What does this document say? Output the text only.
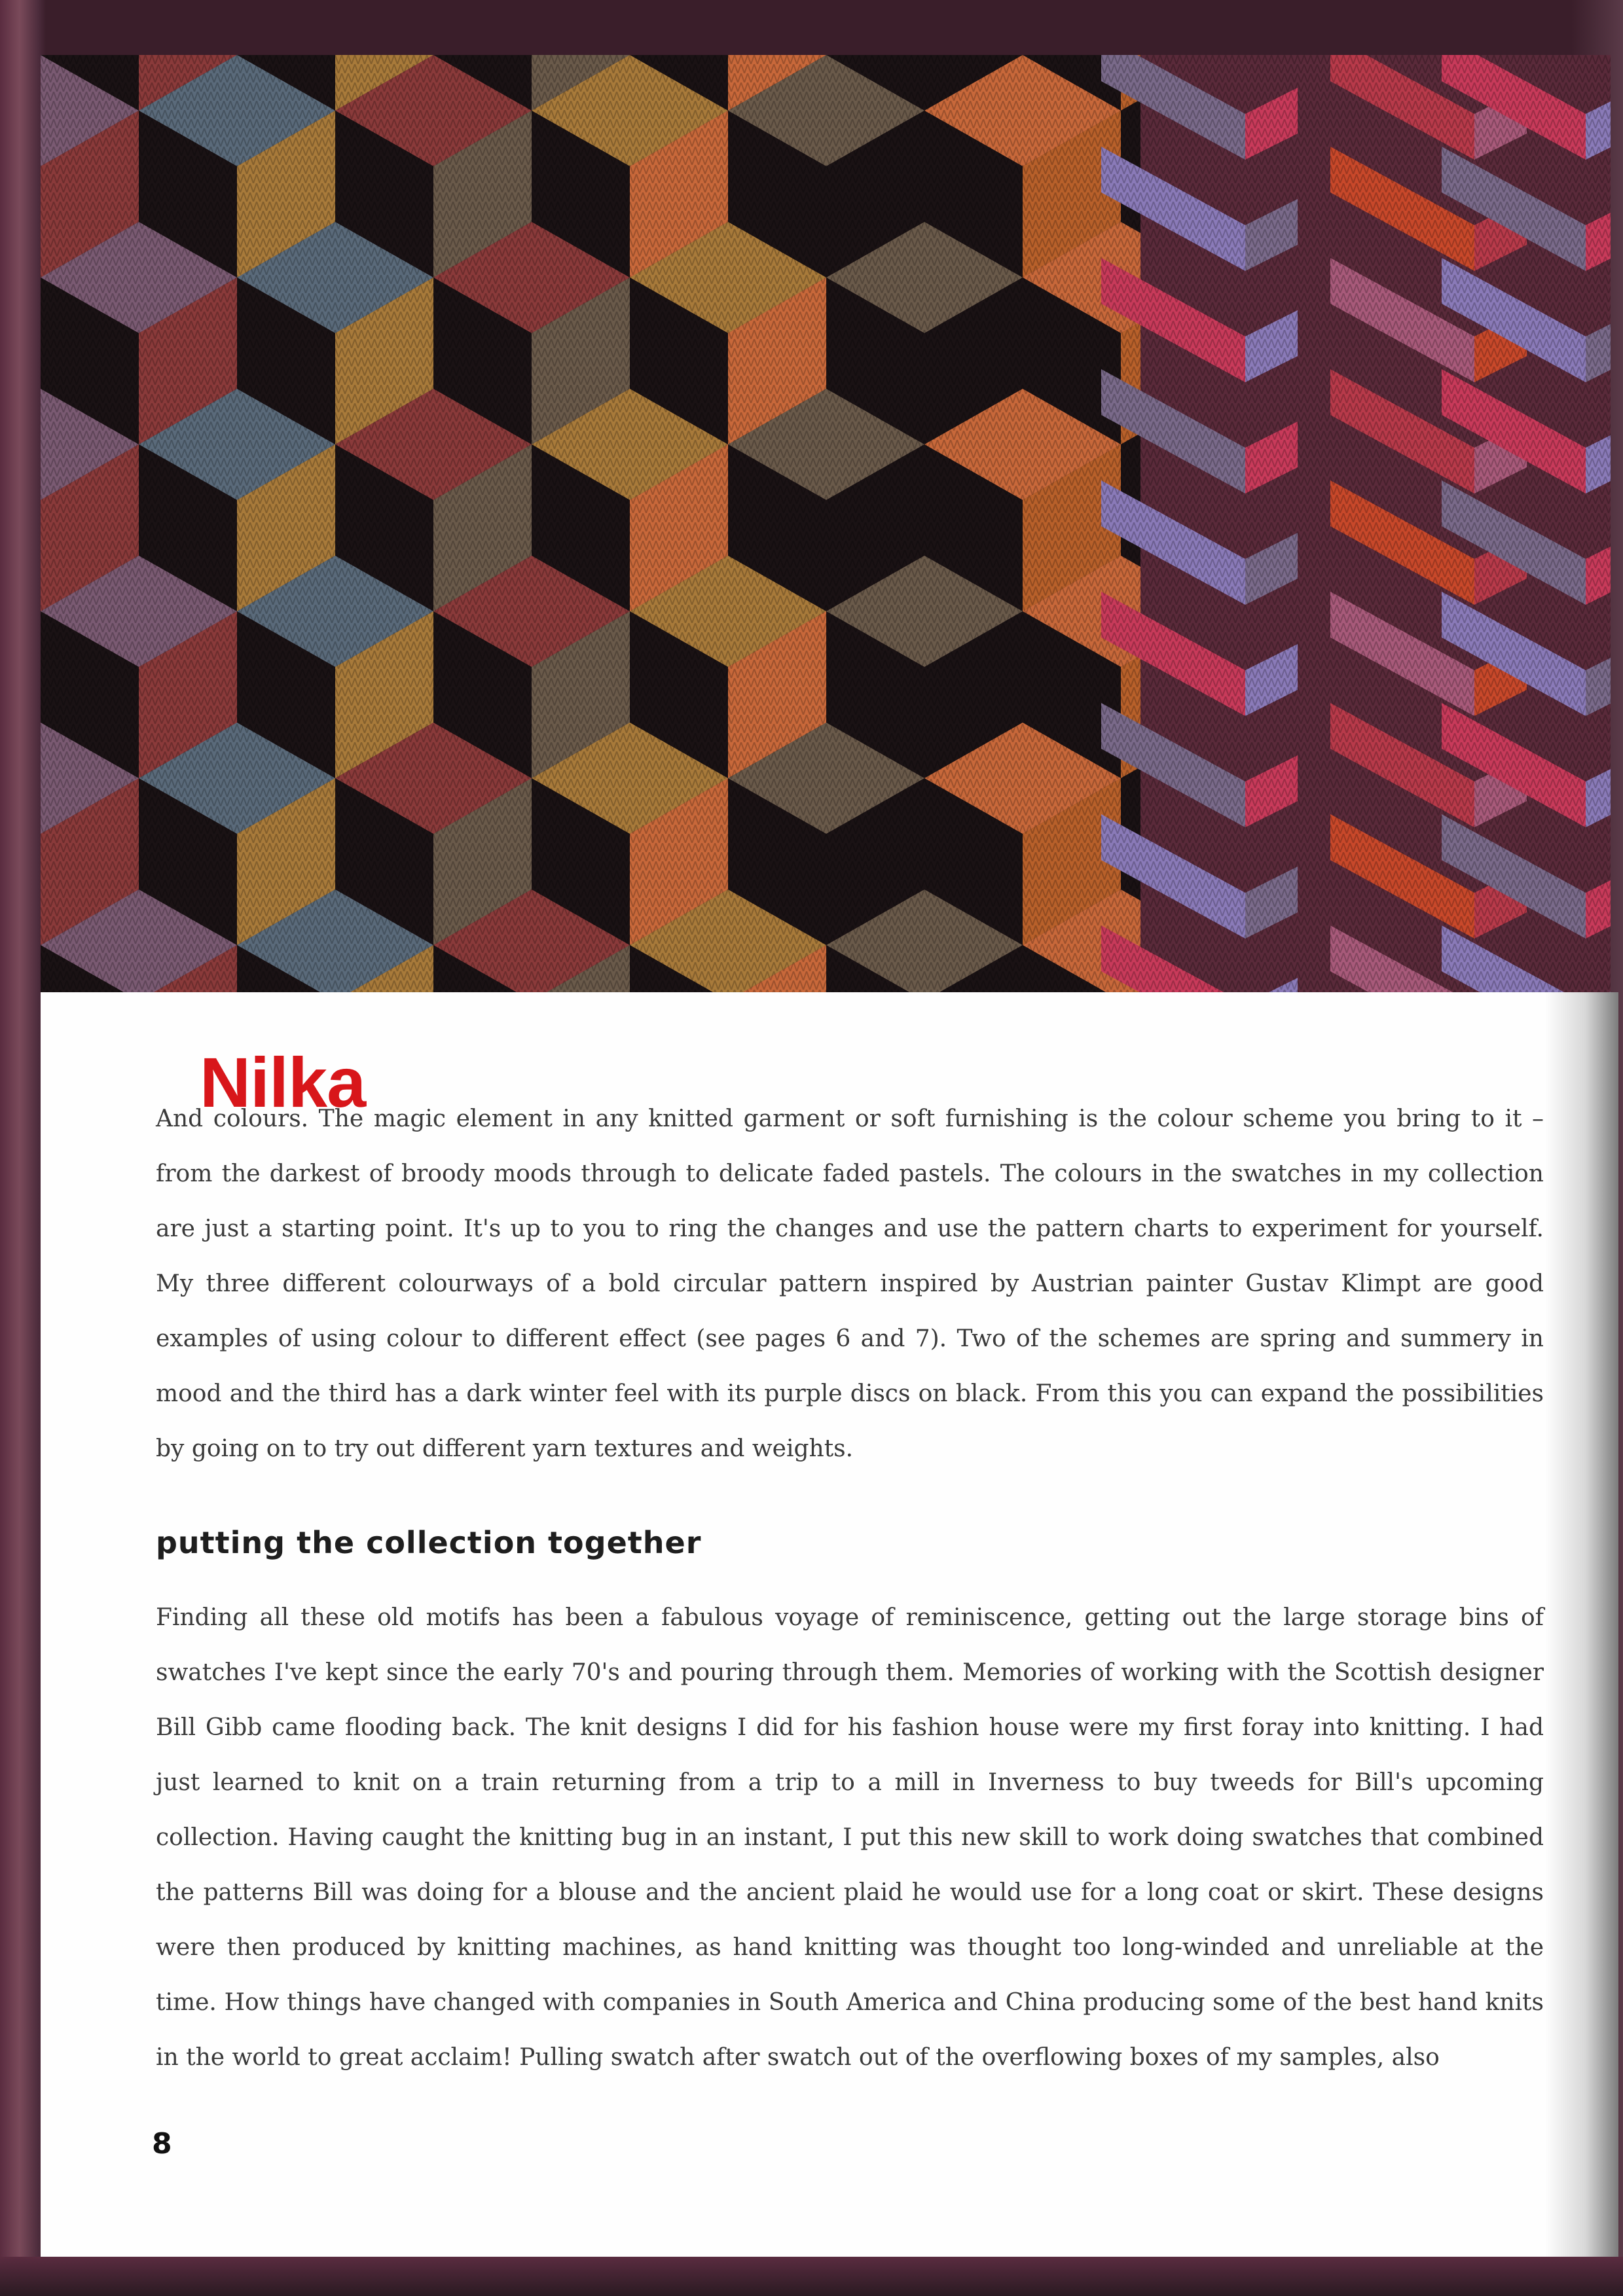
Nilka

And colours. The magic element in any knitted garment or soft furnishing is the colour scheme you bring to it – from the darkest of broody moods through to delicate faded pastels. The colours in the swatches in my collection are just a starting point. It's up to you to ring the changes and use the pattern charts to experiment for yourself. My three different colourways of a bold circular pattern inspired by Austrian painter Gustav Klimpt are good examples of using colour to different effect (see pages 6 and 7). Two of the schemes are spring and summery in mood and the third has a dark winter feel with its purple discs on black. From this you can expand the possibilities by going on to try out different yarn textures and weights.

putting the collection together

Finding all these old motifs has been a fabulous voyage of reminiscence, getting out the large storage bins of swatches I've kept since the early 70's and pouring through them. Memories of working with the Scottish designer Bill Gibb came flooding back. The knit designs I did for his fashion house were my first foray into knitting. I had just learned to knit on a train returning from a trip to a mill in Inverness to buy tweeds for Bill's upcoming collection. Having caught the knitting bug in an instant, I put this new skill to work doing swatches that combined the patterns Bill was doing for a blouse and the ancient plaid he would use for a long coat or skirt. These designs were then produced by knitting machines, as hand knitting was thought too long-winded and unreliable at the time. How things have changed with companies in South America and China producing some of the best hand knits in the world to great acclaim! Pulling swatch after swatch out of the overflowing boxes of my samples, also

8
